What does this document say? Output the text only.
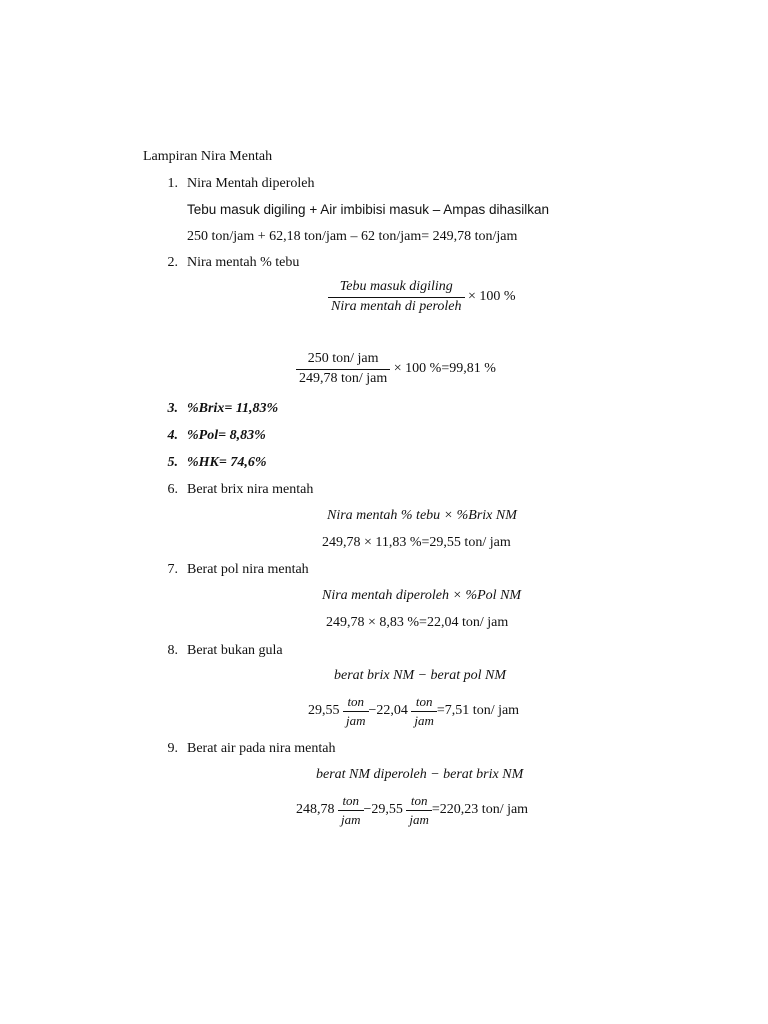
Lampiran Nira Mentah
1. Nira Mentah diperoleh
Tebu masuk digiling + Air imbibisi masuk – Ampas dihasilkan
250 ton/jam + 62,18 ton/jam – 62 ton/jam= 249,78 ton/jam
2. Nira mentah % tebu
$\frac{\text{Tebu masuk digiling}}{\text{Nira mentah di peroleh}} \times 100$ %
$\frac{\text{250 ton/ jam}}{\text{249,78 ton/ jam}} \times 100$ %=99,81 %
3. %Brix= 11,83%
4. %Pol= 8,83%
5. %HK= 74,6%
6. Berat brix nira mentah
Nira mentah % tebu × %Brix NM
249,78 × 11,83 %=29,55 ton/ jam
7. Berat pol nira mentah
Nira mentah diperoleh × %Pol NM
249,78 × 8,83 %=22,04 ton/ jam
8. Berat bukan gula
berat brix NM − berat pol NM
$29,55 \frac{\text{ton}}{\text{jam}} -22,04 \frac{\text{ton}}{\text{jam}} =7,51$ ton/ jam
9. Berat air pada nira mentah
berat NM diperoleh − berat brix NM
$248,78 \frac{\text{ton}}{\text{jam}} -29,55 \frac{\text{ton}}{\text{jam}} =220,23$ ton/ jam
